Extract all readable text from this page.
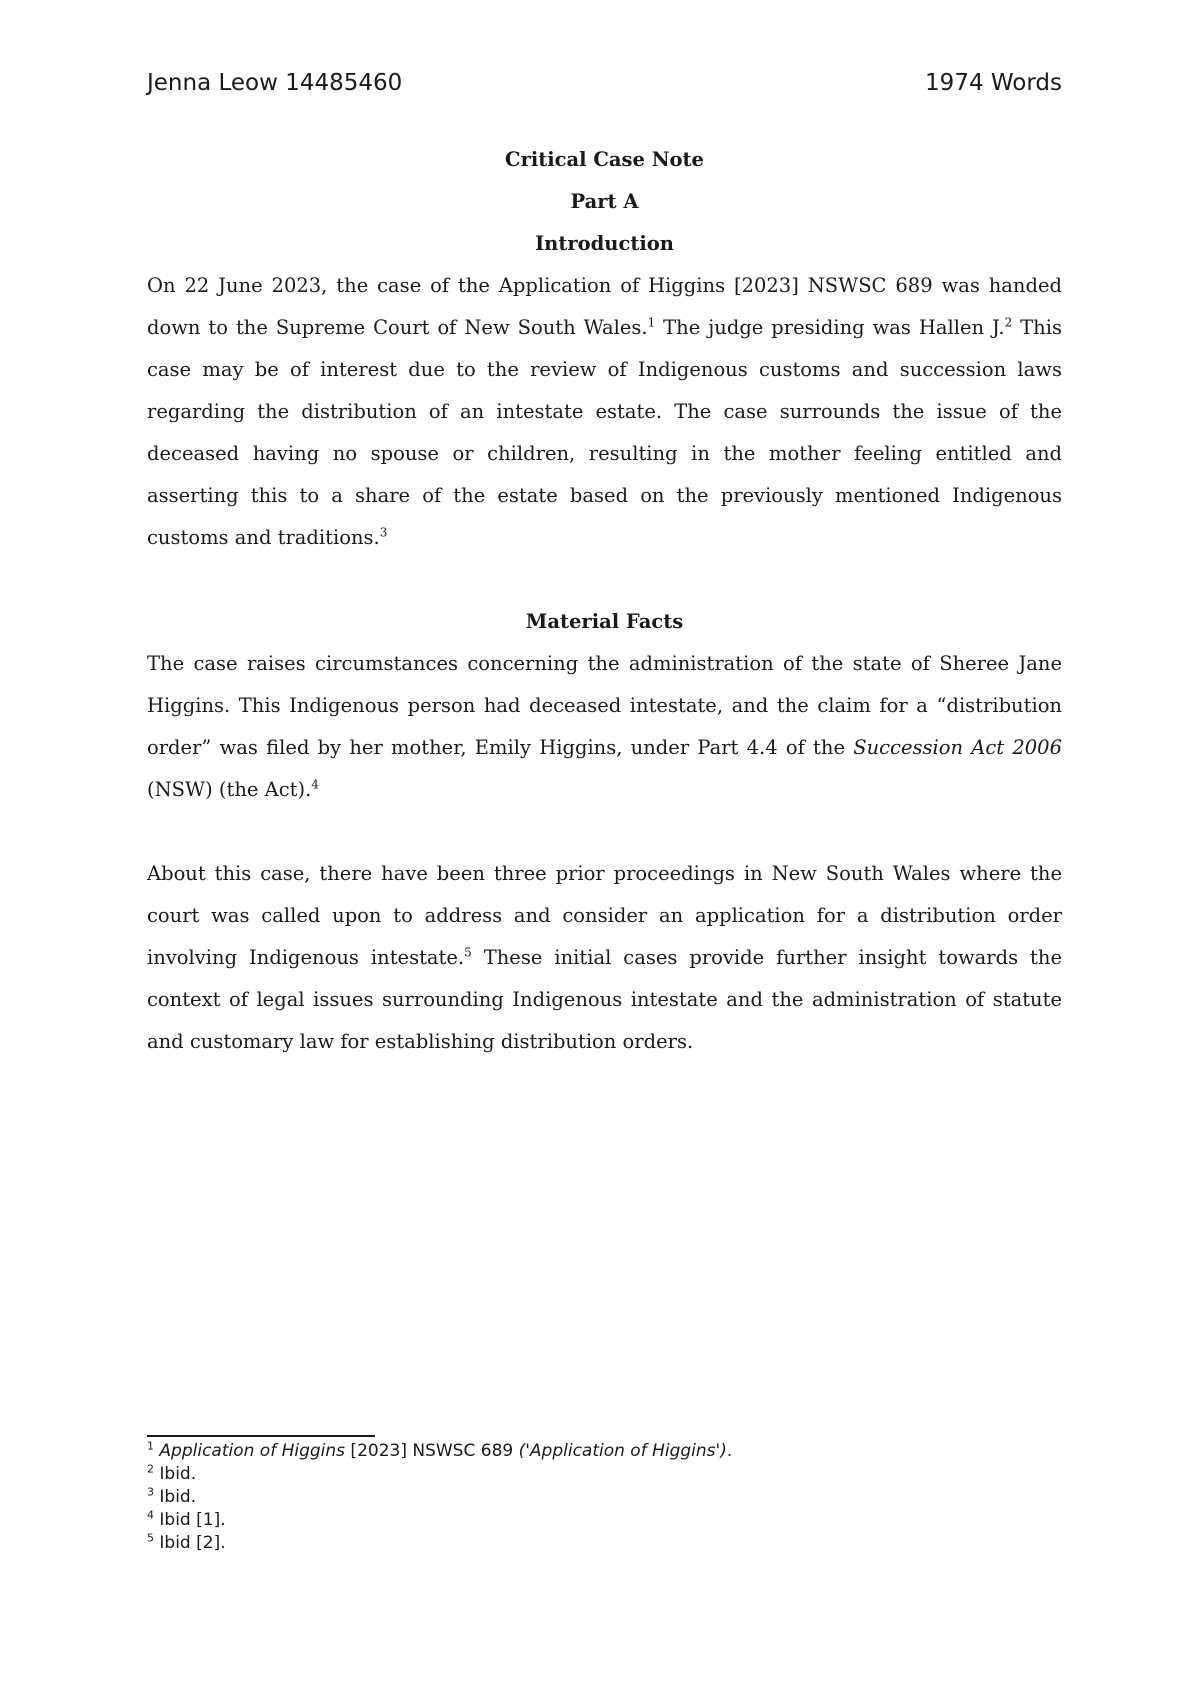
Jenna Leow 14485460	1974 Words

Critical Case Note

Part A

Introduction

On 22 June 2023, the case of the Application of Higgins [2023] NSWSC 689 was handed down to the Supreme Court of New South Wales.$^1$ The judge presiding was Hallen J.$^2$ This case may be of interest due to the review of Indigenous customs and succession laws regarding the distribution of an intestate estate. The case surrounds the issue of the deceased having no spouse or children, resulting in the mother feeling entitled and asserting this to a share of the estate based on the previously mentioned Indigenous customs and traditions.$^3$

Material Facts

The case raises circumstances concerning the administration of the state of Sheree Jane Higgins. This Indigenous person had deceased intestate, and the claim for a “distribution order” was filed by her mother, Emily Higgins, under Part 4.4 of the Succession Act 2006 (NSW) (the Act).$^4$

About this case, there have been three prior proceedings in New South Wales where the court was called upon to address and consider an application for a distribution order involving Indigenous intestate.$^5$ These initial cases provide further insight towards the context of legal issues surrounding Indigenous intestate and the administration of statute and customary law for establishing distribution orders.

$^1$ Application of Higgins [2023] NSWSC 689 ('Application of Higgins').

$^2$ Ibid.

$^3$ Ibid.

$^4$ Ibid [1].

$^5$ Ibid [2].
